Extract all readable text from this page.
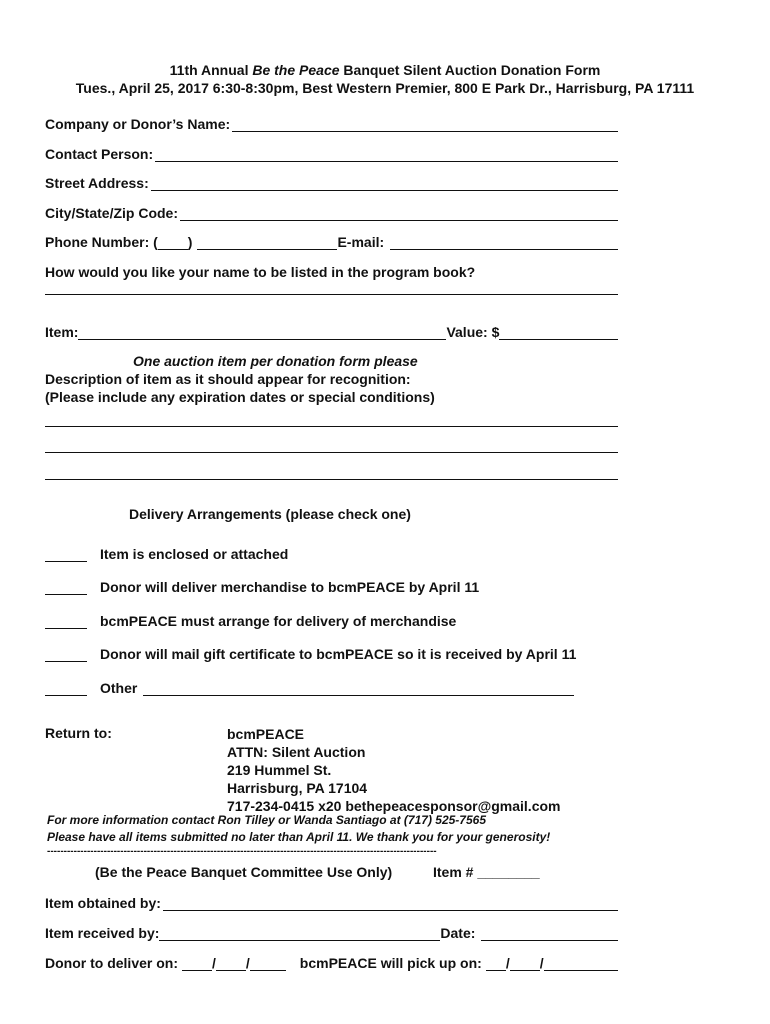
11th Annual Be the Peace Banquet Silent Auction Donation Form
Tues., April 25, 2017 6:30-8:30pm, Best Western Premier, 800 E Park Dr., Harrisburg, PA 17111
Company or Donor’s Name:
Contact Person:
Street Address:
City/State/Zip Code:
Phone Number: ( )	E-mail:
How would you like your name to be listed in the program book?
Item:	Value: $
One auction item per donation form please
Description of item as it should appear for recognition:
(Please include any expiration dates or special conditions)
Delivery Arrangements (please check one)
Item is enclosed or attached
Donor will deliver merchandise to bcmPEACE by April 11
bcmPEACE must arrange for delivery of merchandise
Donor will mail gift certificate to bcmPEACE so it is received by April 11
Other
Return to:	bcmPEACE
ATTN: Silent Auction
219 Hummel St.
Harrisburg, PA 17104
717-234-0415 x20 bethepeacesponsor@gmail.com
For more information contact Ron Tilley or Wanda Santiago at (717) 525-7565
Please have all items submitted no later than April 11. We thank you for your generosity!
---------------------------------------------------------------------------------------------------------------------
(Be the Peace Banquet Committee Use Only)	Item # ________
Item obtained by:
Item received by:	Date:
Donor to deliver on: / /	bcmPEACE will pick up on: / /
